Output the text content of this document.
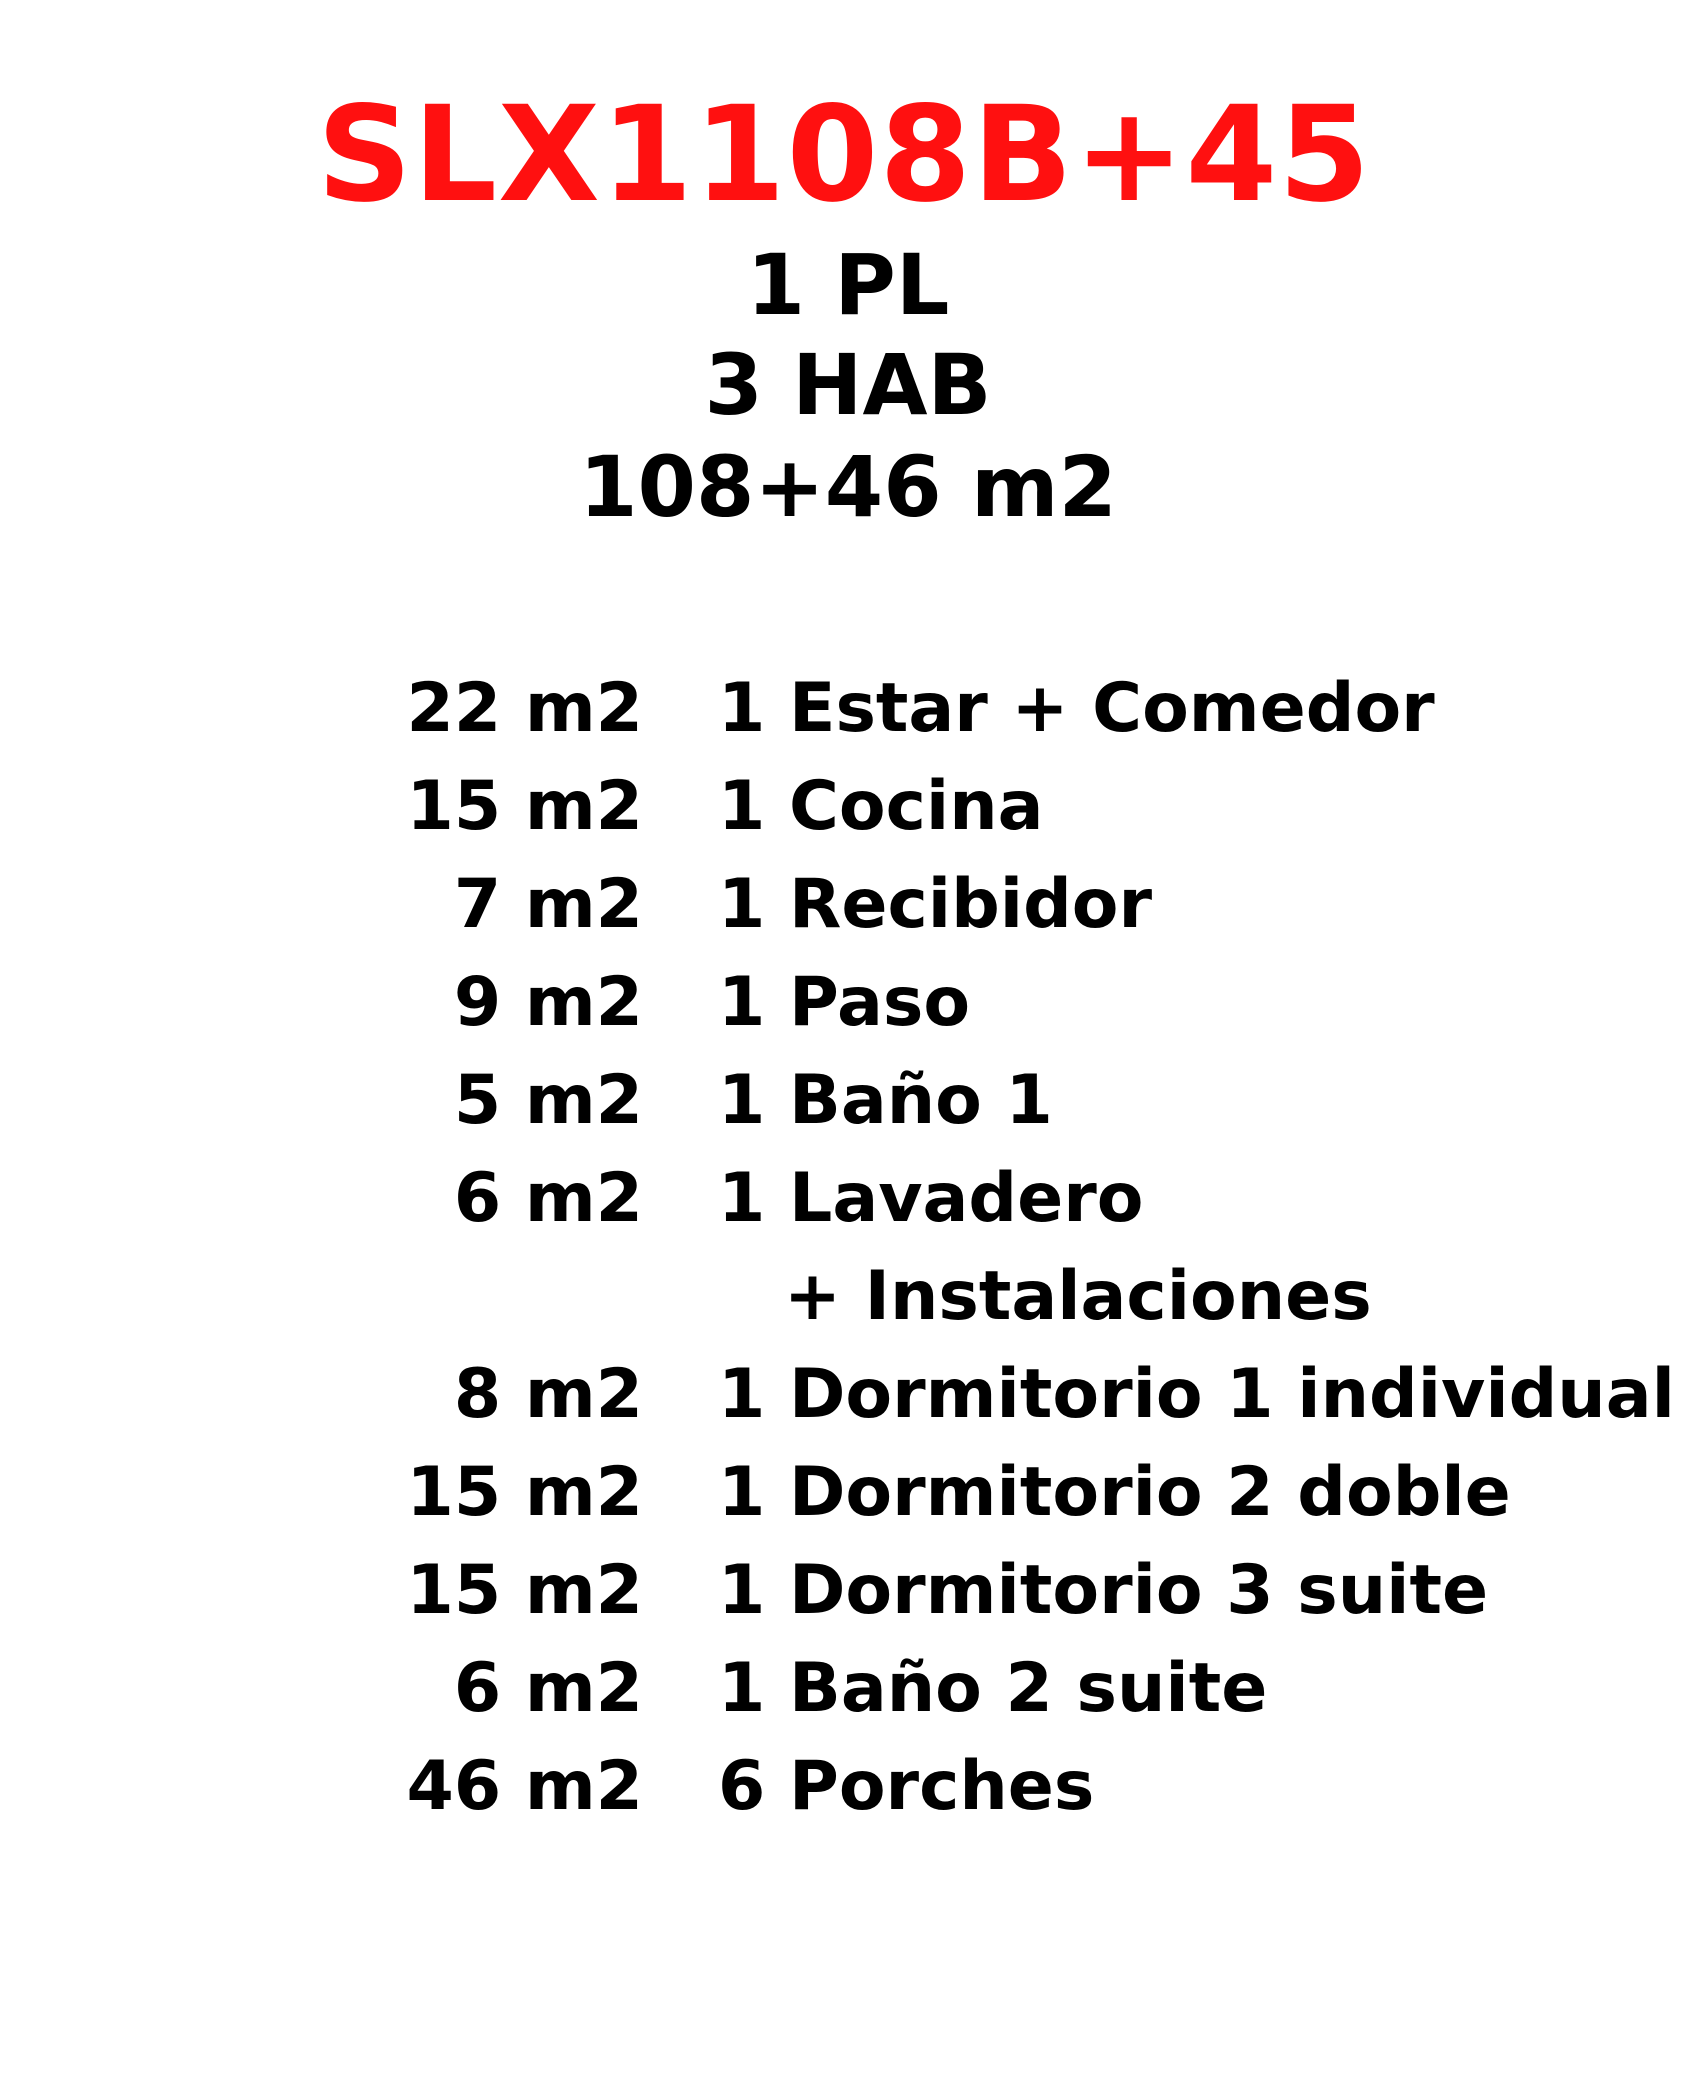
SLX1108B+45
1 PL
3 HAB
108+46 m2
22 m2 1 Estar + Comedor
15 m2 1 Cocina
7 m2 1 Recibidor
9 m2 1 Paso
5 m2 1 Baño 1
6 m2 1 Lavadero
+ Instalaciones
8 m2 1 Dormitorio 1 individual
15 m2 1 Dormitorio 2 doble
15 m2 1 Dormitorio 3 suite
6 m2 1 Baño 2 suite
46 m2 6 Porches
